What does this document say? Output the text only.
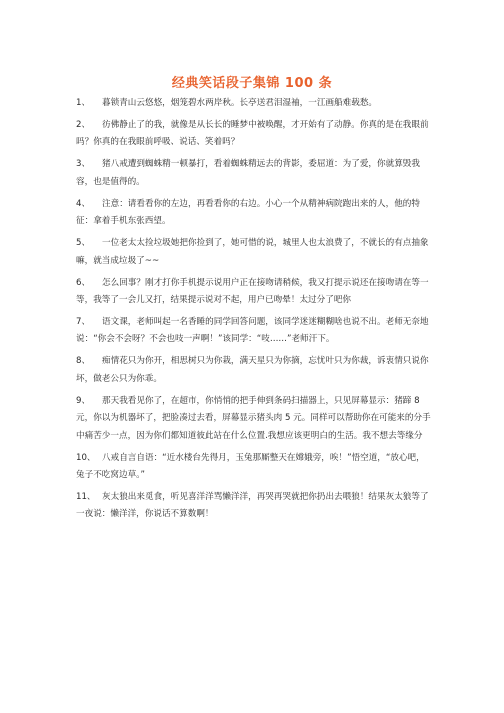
经典笑话段子集锦 100 条

1、 暮锁青山云悠悠，烟笼碧水两岸秋。长亭送君泪湿袖，一江画船难载愁。

2、 彷佛静止了的我，就像是从长长的睡梦中被唤醒，才开始有了动静。你真的是在我眼前吗？你真的在我眼前呼吸、说话、笑着吗？

3、 猪八戒遭到蜘蛛精一顿暴打，看着蜘蛛精远去的背影，委屈道：为了爱，你就算毁我容，也是值得的。

4、 注意：请看看你的左边，再看看你的右边。小心一个从精神病院跑出来的人，他的特征：拿着手机东张西望。

5、 一位老太太捡垃圾她把你捡到了，她可惜的说，城里人也太浪费了，不就长的有点抽象嘛，就当成垃圾了~~

6、 怎么回事？刚才打你手机提示说用户正在接吻请稍候，我又打提示说还在接吻请在等一等，我等了一会儿又打，结果提示说对不起，用户已吻晕！太过分了吧你

7、 语文课，老师叫起一名香睡的同学回答问题，该同学迷迷糊糊啥也说不出。老师无奈地说：“你会不会呀？不会也吱一声啊！”该同学：“吱……”老师汗下。

8、 痴情花只为你开，相思树只为你栽，满天星只为你摘，忘忧叶只为你裁，诉衷情只说你坏，做老公只为你乖。

9、 那天我看见你了，在超市，你悄悄的把手伸到条码扫描器上，只见屏幕显示：猪蹄 8 元，你以为机器坏了，把脸凑过去看，屏幕显示猪头肉 5 元。同样可以帮助你在可能来的分手中痛苦少一点，因为你们都知道彼此站在什么位置.我想应该更明白的生活。我不想去等缘分

10、 八戒自言自语：“近水楼台先得月，玉兔那厮整天在嫦娥旁，唉！”悟空道，“放心吧，兔子不吃窝边草。”

11、 灰太狼出来觅食，听见喜洋洋骂懒洋洋，再哭再哭就把你扔出去喂狼！结果灰太狼等了一夜说：懒洋洋，你说话不算数啊！
